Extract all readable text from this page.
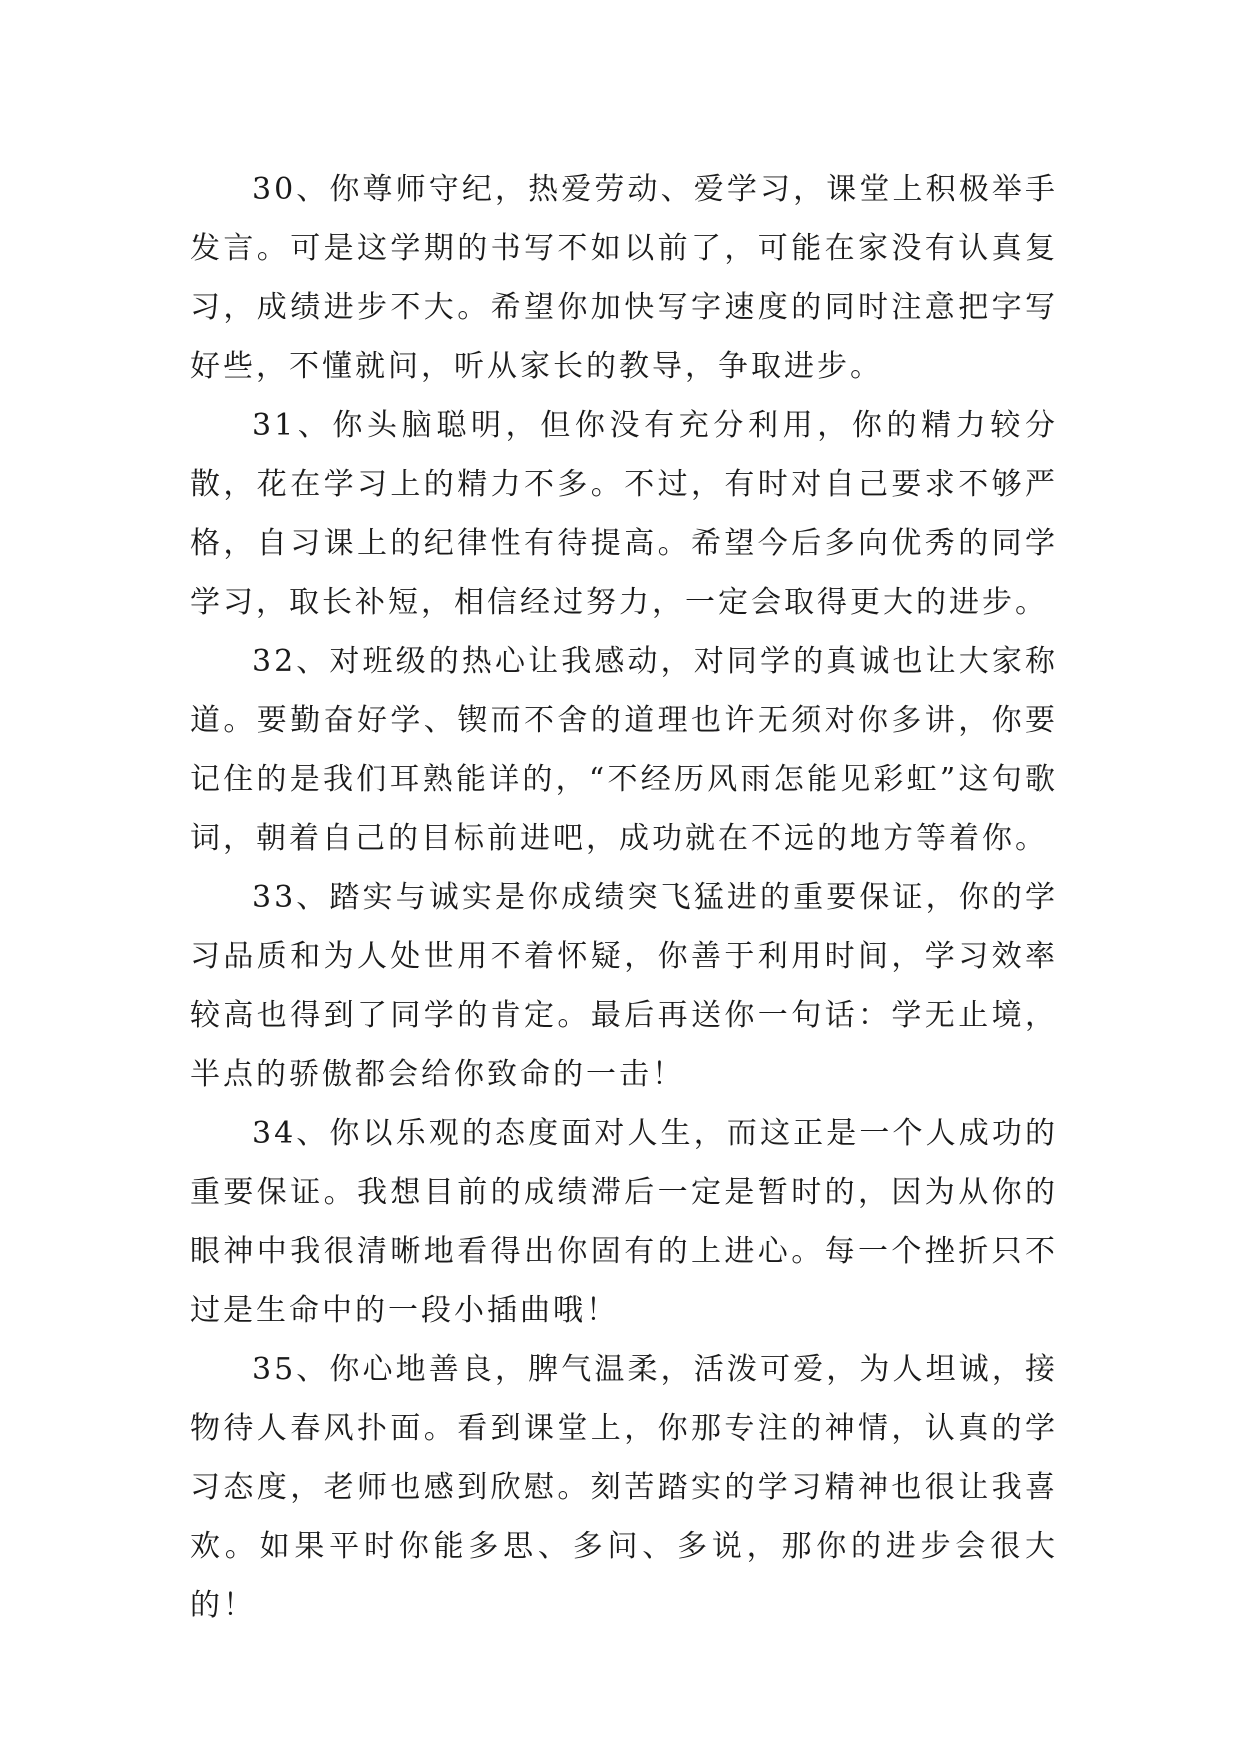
30、你尊师守纪，热爱劳动、爱学习，课堂上积极举手发言。可是这学期的书写不如以前了，可能在家没有认真复习，成绩进步不大。希望你加快写字速度的同时注意把字写好些，不懂就问，听从家长的教导，争取进步。

31、你头脑聪明，但你没有充分利用，你的精力较分散，花在学习上的精力不多。不过，有时对自己要求不够严格，自习课上的纪律性有待提高。希望今后多向优秀的同学学习，取长补短，相信经过努力，一定会取得更大的进步。

32、对班级的热心让我感动，对同学的真诚也让大家称道。要勤奋好学、锲而不舍的道理也许无须对你多讲，你要记住的是我们耳熟能详的，“不经历风雨怎能见彩虹”这句歌词，朝着自己的目标前进吧，成功就在不远的地方等着你。

33、踏实与诚实是你成绩突飞猛进的重要保证，你的学习品质和为人处世用不着怀疑，你善于利用时间，学习效率较高也得到了同学的肯定。最后再送你一句话：学无止境，半点的骄傲都会给你致命的一击！

34、你以乐观的态度面对人生，而这正是一个人成功的重要保证。我想目前的成绩滞后一定是暂时的，因为从你的眼神中我很清晰地看得出你固有的上进心。每一个挫折只不过是生命中的一段小插曲哦！

35、你心地善良，脾气温柔，活泼可爱，为人坦诚，接物待人春风扑面。看到课堂上，你那专注的神情，认真的学习态度，老师也感到欣慰。刻苦踏实的学习精神也很让我喜欢。如果平时你能多思、多问、多说，那你的进步会很大的！
